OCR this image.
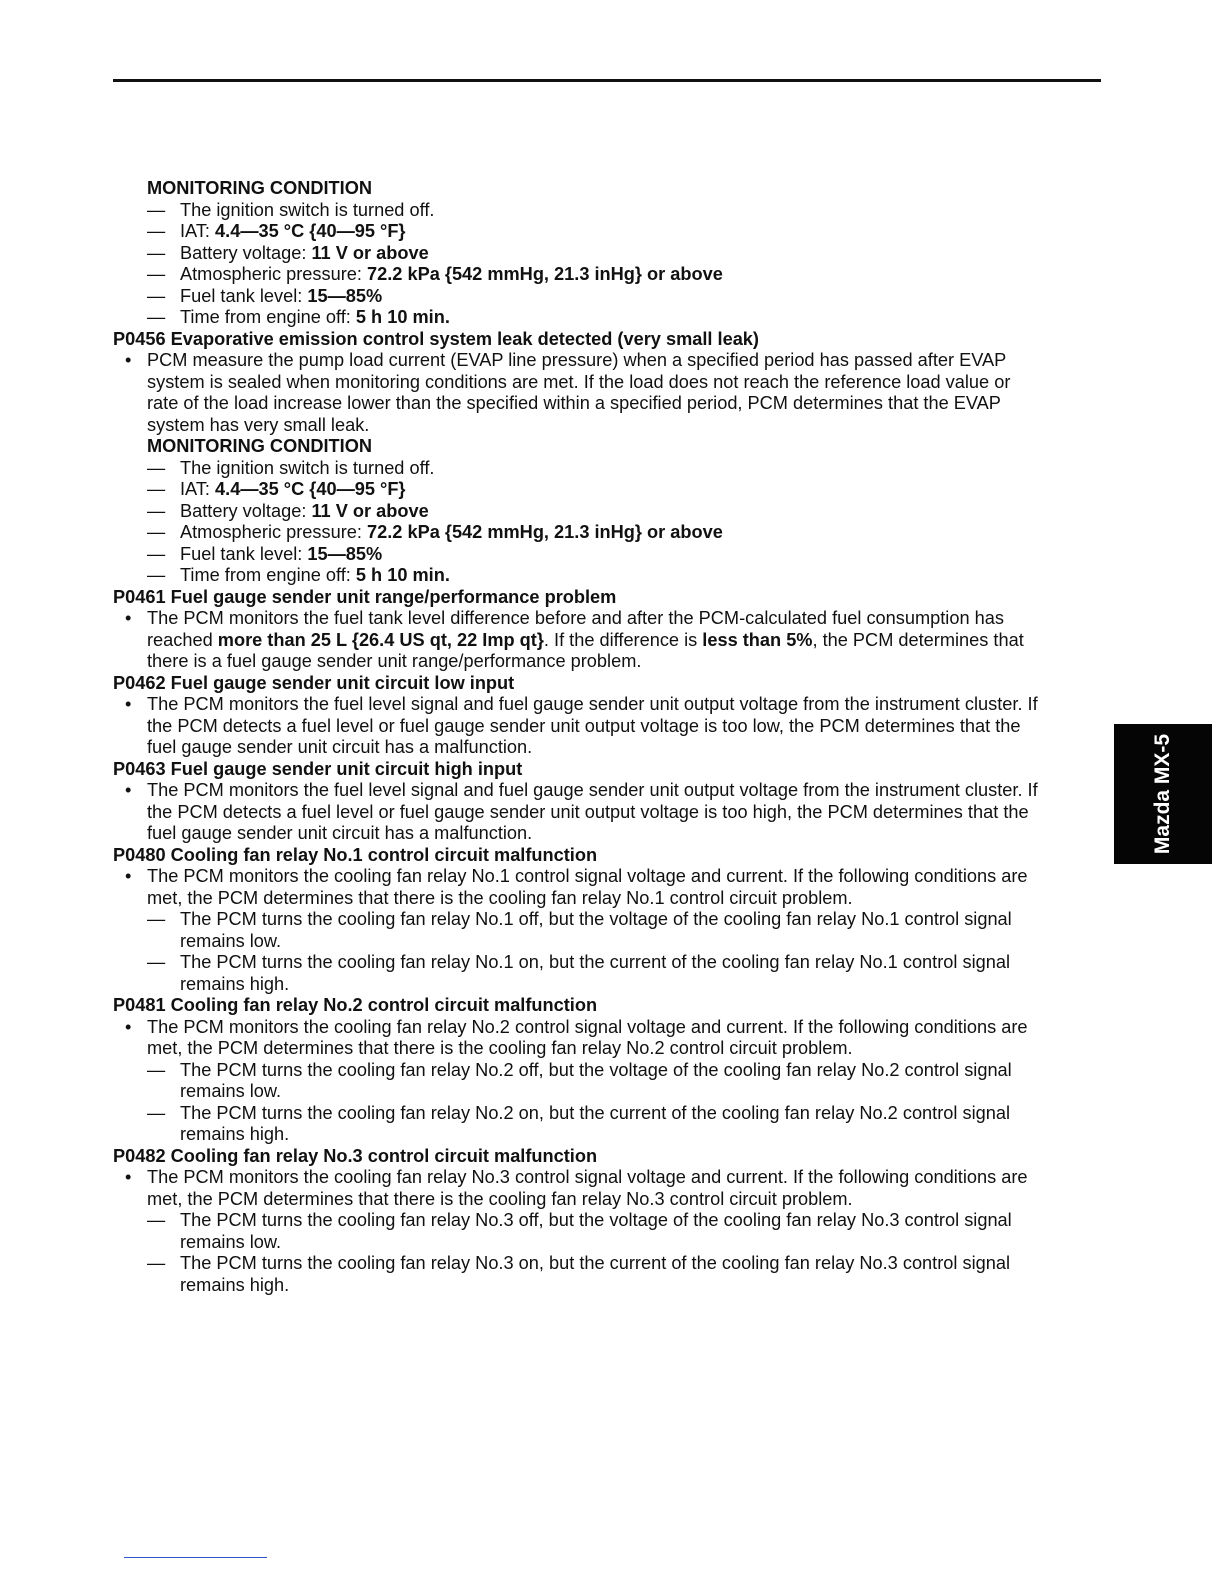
MONITORING CONDITION
— The ignition switch is turned off.
— IAT: 4.4—35 °C {40—95 °F}
— Battery voltage: 11 V or above
— Atmospheric pressure: 72.2 kPa {542 mmHg, 21.3 inHg} or above
— Fuel tank level: 15—85%
— Time from engine off: 5 h 10 min.
P0456 Evaporative emission control system leak detected (very small leak)
• PCM measure the pump load current (EVAP line pressure) when a specified period has passed after EVAP
system is sealed when monitoring conditions are met. If the load does not reach the reference load value or
rate of the load increase lower than the specified within a specified period, PCM determines that the EVAP
system has very small leak.
MONITORING CONDITION
— The ignition switch is turned off.
— IAT: 4.4—35 °C {40—95 °F}
— Battery voltage: 11 V or above
— Atmospheric pressure: 72.2 kPa {542 mmHg, 21.3 inHg} or above
— Fuel tank level: 15—85%
— Time from engine off: 5 h 10 min.
P0461 Fuel gauge sender unit range/performance problem
• The PCM monitors the fuel tank level difference before and after the PCM-calculated fuel consumption has
reached more than 25 L {26.4 US qt, 22 Imp qt}. If the difference is less than 5%, the PCM determines that
there is a fuel gauge sender unit range/performance problem.
P0462 Fuel gauge sender unit circuit low input
• The PCM monitors the fuel level signal and fuel gauge sender unit output voltage from the instrument cluster. If
the PCM detects a fuel level or fuel gauge sender unit output voltage is too low, the PCM determines that the
fuel gauge sender unit circuit has a malfunction.
P0463 Fuel gauge sender unit circuit high input
• The PCM monitors the fuel level signal and fuel gauge sender unit output voltage from the instrument cluster. If
the PCM detects a fuel level or fuel gauge sender unit output voltage is too high, the PCM determines that the
fuel gauge sender unit circuit has a malfunction.
P0480 Cooling fan relay No.1 control circuit malfunction
• The PCM monitors the cooling fan relay No.1 control signal voltage and current. If the following conditions are
met, the PCM determines that there is the cooling fan relay No.1 control circuit problem.
— The PCM turns the cooling fan relay No.1 off, but the voltage of the cooling fan relay No.1 control signal
remains low.
— The PCM turns the cooling fan relay No.1 on, but the current of the cooling fan relay No.1 control signal
remains high.
P0481 Cooling fan relay No.2 control circuit malfunction
• The PCM monitors the cooling fan relay No.2 control signal voltage and current. If the following conditions are
met, the PCM determines that there is the cooling fan relay No.2 control circuit problem.
— The PCM turns the cooling fan relay No.2 off, but the voltage of the cooling fan relay No.2 control signal
remains low.
— The PCM turns the cooling fan relay No.2 on, but the current of the cooling fan relay No.2 control signal
remains high.
P0482 Cooling fan relay No.3 control circuit malfunction
• The PCM monitors the cooling fan relay No.3 control signal voltage and current. If the following conditions are
met, the PCM determines that there is the cooling fan relay No.3 control circuit problem.
— The PCM turns the cooling fan relay No.3 off, but the voltage of the cooling fan relay No.3 control signal
remains low.
— The PCM turns the cooling fan relay No.3 on, but the current of the cooling fan relay No.3 control signal
remains high.
Mazda MX-5
